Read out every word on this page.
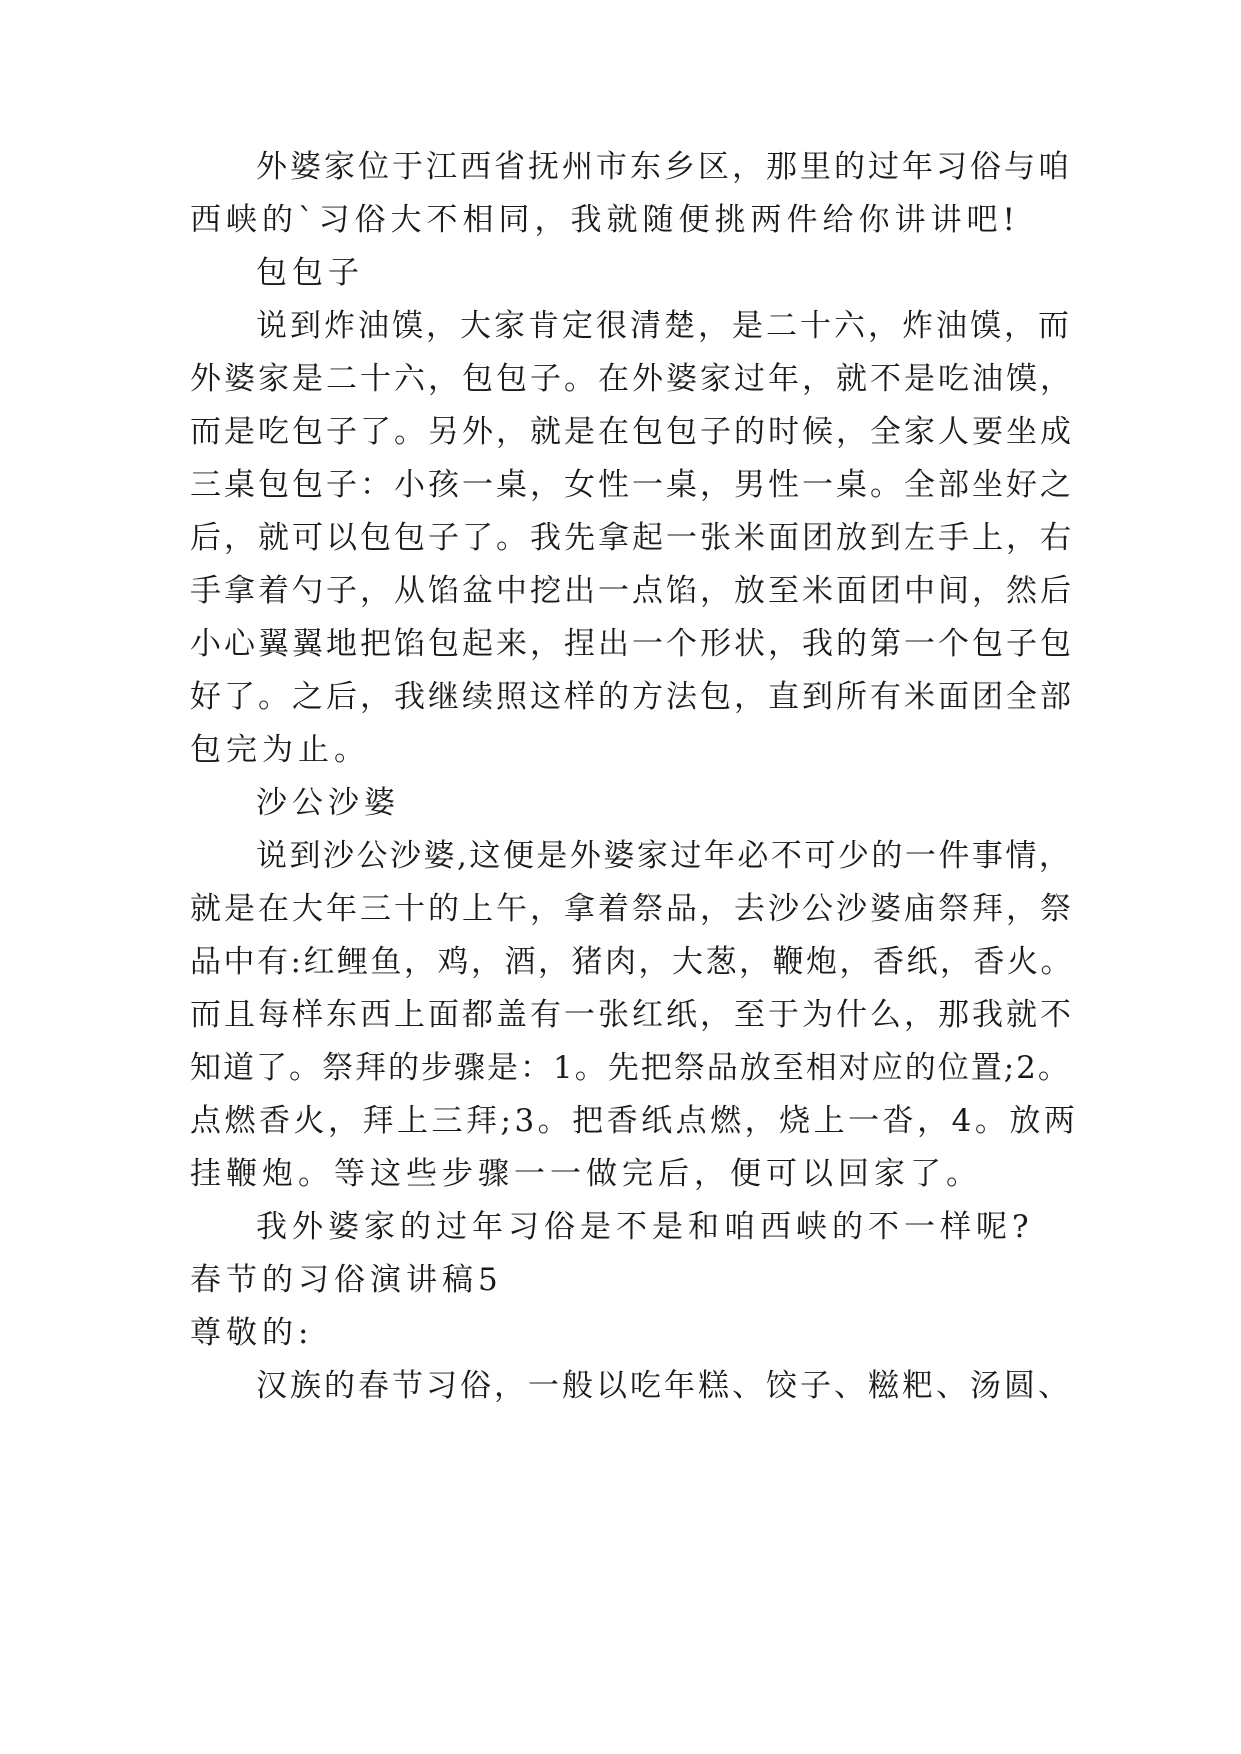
外婆家位于江西省抚州市东乡区，那里的过年习俗与咱
西峡的`习俗大不相同，我就随便挑两件给你讲讲吧!
包包子
说到炸油馍，大家肯定很清楚，是二十六，炸油馍，而
外婆家是二十六，包包子。在外婆家过年，就不是吃油馍，
而是吃包子了。另外，就是在包包子的时候，全家人要坐成
三桌包包子：小孩一桌，女性一桌，男性一桌。全部坐好之
后，就可以包包子了。我先拿起一张米面团放到左手上，右
手拿着勺子，从馅盆中挖出一点馅，放至米面团中间，然后
小心翼翼地把馅包起来，捏出一个形状，我的第一个包子包
好了。之后，我继续照这样的方法包，直到所有米面团全部
包完为止。
沙公沙婆
说到沙公沙婆,这便是外婆家过年必不可少的一件事情，
就是在大年三十的上午，拿着祭品，去沙公沙婆庙祭拜，祭
品中有:红鲤鱼，鸡，酒，猪肉，大葱，鞭炮，香纸，香火。
而且每样东西上面都盖有一张红纸，至于为什么，那我就不
知道了。祭拜的步骤是：1。先把祭品放至相对应的位置;2。
点燃香火，拜上三拜;3。把香纸点燃，烧上一沓，4。放两
挂鞭炮。等这些步骤一一做完后，便可以回家了。
我外婆家的过年习俗是不是和咱西峡的不一样呢?
春节的习俗演讲稿5
尊敬的:
汉族的春节习俗，一般以吃年糕、饺子、糍粑、汤圆、
